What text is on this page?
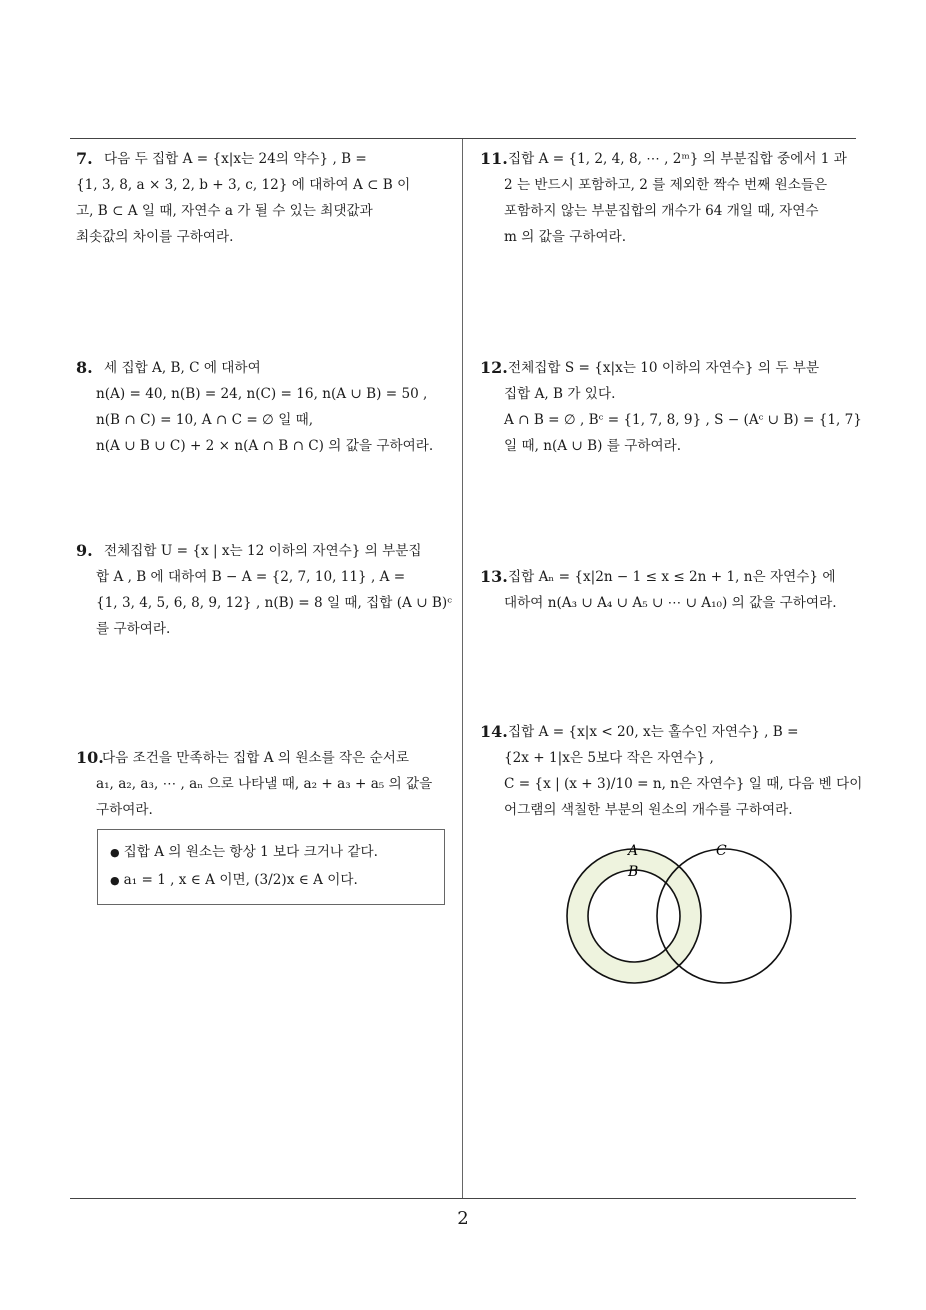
7. 다음 두 집합 A = {x|x는 24의 약수} , B =
{1, 3, 8, a × 3, 2, b + 3, c, 12} 에 대하여 A ⊂ B 이
고, B ⊂ A 일 때, 자연수 a 가 될 수 있는 최댓값과
최솟값의 차이를 구하여라.
8. 세 집합 A, B, C 에 대하여
n(A) = 40, n(B) = 24, n(C) = 16, n(A ∪ B) = 50 ,
n(B ∩ C) = 10, A ∩ C = ∅ 일 때,
n(A ∪ B ∪ C) + 2 × n(A ∩ B ∩ C) 의 값을 구하여라.
9. 전체집합 U = {x | x는 12 이하의 자연수} 의 부분집
합 A , B 에 대하여 B − A = {2, 7, 10, 11} , A =
{1, 3, 4, 5, 6, 8, 9, 12} , n(B) = 8 일 때, 집합 (A ∪ B)ᶜ
를 구하여라.
10.
다음 조건을 만족하는 집합 A 의 원소를 작은 순서로
a₁, a₂, a₃, ⋯ , aₙ 으로 나타낼 때, a₂ + a₃ + a₅ 의 값을
구하여라.
● 집합 A 의 원소는 항상 1 보다 크거나 같다.
● a₁ = 1 , x ∈ A 이면, (3/2)x ∈ A 이다.
11. 집합 A = {1, 2, 4, 8, ⋯ , 2ᵐ} 의 부분집합 중에서 1 과
2 는 반드시 포함하고, 2 를 제외한 짝수 번째 원소들은
포함하지 않는 부분집합의 개수가 64 개일 때, 자연수
m 의 값을 구하여라.
12. 전체집합 S = {x|x는 10 이하의 자연수} 의 두 부분
집합 A, B 가 있다.
A ∩ B = ∅ , Bᶜ = {1, 7, 8, 9} , S − (Aᶜ ∪ B) = {1, 7}
일 때, n(A ∪ B) 를 구하여라.
13. 집합 Aₙ = {x|2n − 1 ≤ x ≤ 2n + 1, n은 자연수} 에
대하여 n(A₃ ∪ A₄ ∪ A₅ ∪ ⋯ ∪ A₁₀) 의 값을 구하여라.
14. 집합 A = {x|x < 20, x는 홀수인 자연수} , B =
{2x + 1|x은 5보다 작은 자연수} ,
C = {x | (x + 3)/10 = n, n은 자연수} 일 때, 다음 벤 다이
어그램의 색칠한 부분의 원소의 개수를 구하여라.
A
B
C
2
